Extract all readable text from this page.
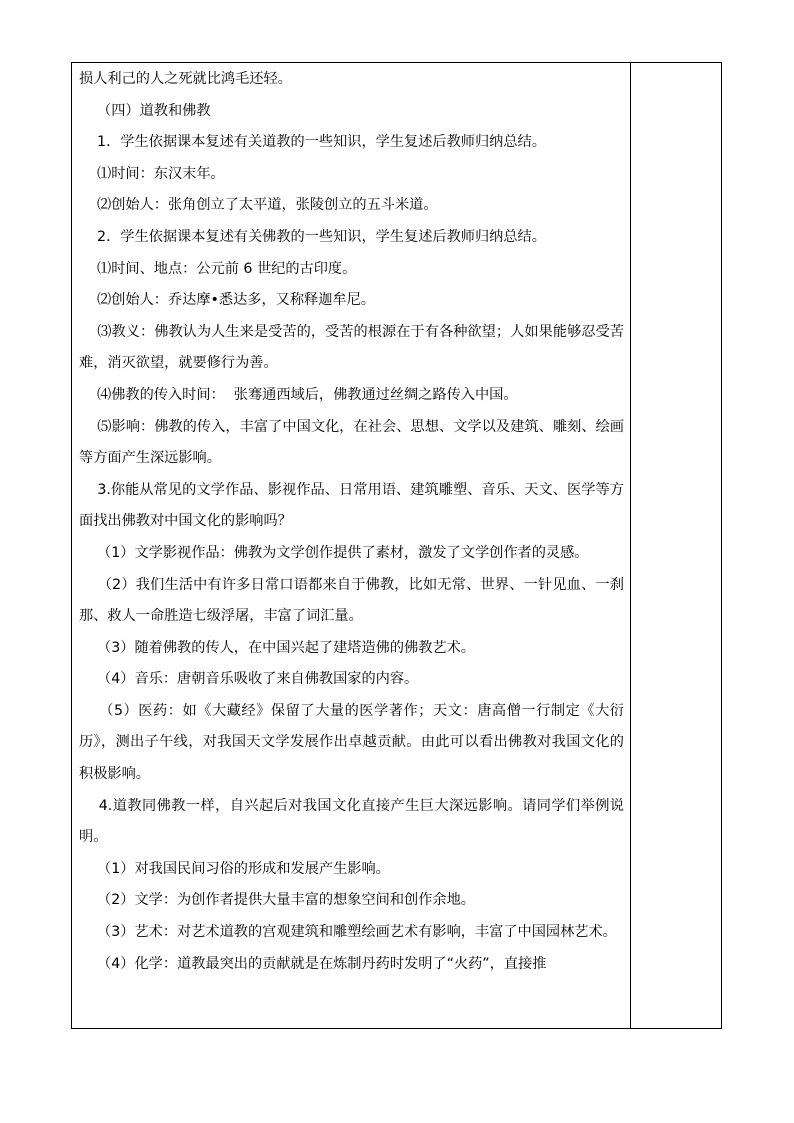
损人利己的人之死就比鸿毛还轻。

（四）道教和佛教

1．学生依据课本复述有关道教的一些知识，学生复述后教师归纳总结。

⑴时间：东汉末年。

⑵创始人：张角创立了太平道，张陵创立的五斗米道。

2．学生依据课本复述有关佛教的一些知识，学生复述后教师归纳总结。

⑴时间、地点：公元前 6 世纪的古印度。

⑵创始人：乔达摩•悉达多，又称释迦牟尼。

⑶教义：佛教认为人生来是受苦的，受苦的根源在于有各种欲望；人如果能够忍受苦难，消灭欲望，就要修行为善。

⑷佛教的传入时间：  张骞通西域后，佛教通过丝绸之路传入中国。

⑸影响：佛教的传入，丰富了中国文化，在社会、思想、文学以及建筑、雕刻、绘画等方面产生深远影响。

3.你能从常见的文学作品、影视作品、日常用语、建筑雕塑、音乐、天文、医学等方面找出佛教对中国文化的影响吗？

（1）文学影视作品：佛教为文学创作提供了素材，激发了文学创作者的灵感。

（2）我们生活中有许多日常口语都来自于佛教，比如无常、世界、一针见血、一刹那、救人一命胜造七级浮屠，丰富了词汇量。

（3）随着佛教的传人，在中国兴起了建塔造佛的佛教艺术。

（4）音乐：唐朝音乐吸收了来自佛教国家的内容。

（5）医药：如《大藏经》保留了大量的医学著作；天文：唐高僧一行制定《大衍历》，测出子午线，对我国天文学发展作出卓越贡献。由此可以看出佛教对我国文化的积极影响。

4.道教同佛教一样，自兴起后对我国文化直接产生巨大深远影响。请同学们举例说明。

（1）对我国民间习俗的形成和发展产生影响。

（2）文学：为创作者提供大量丰富的想象空间和创作余地。

（3）艺术：对艺术道教的宫观建筑和雕塑绘画艺术有影响，丰富了中国园林艺术。

（4）化学：道教最突出的贡献就是在炼制丹药时发明了“火药”，直接推
